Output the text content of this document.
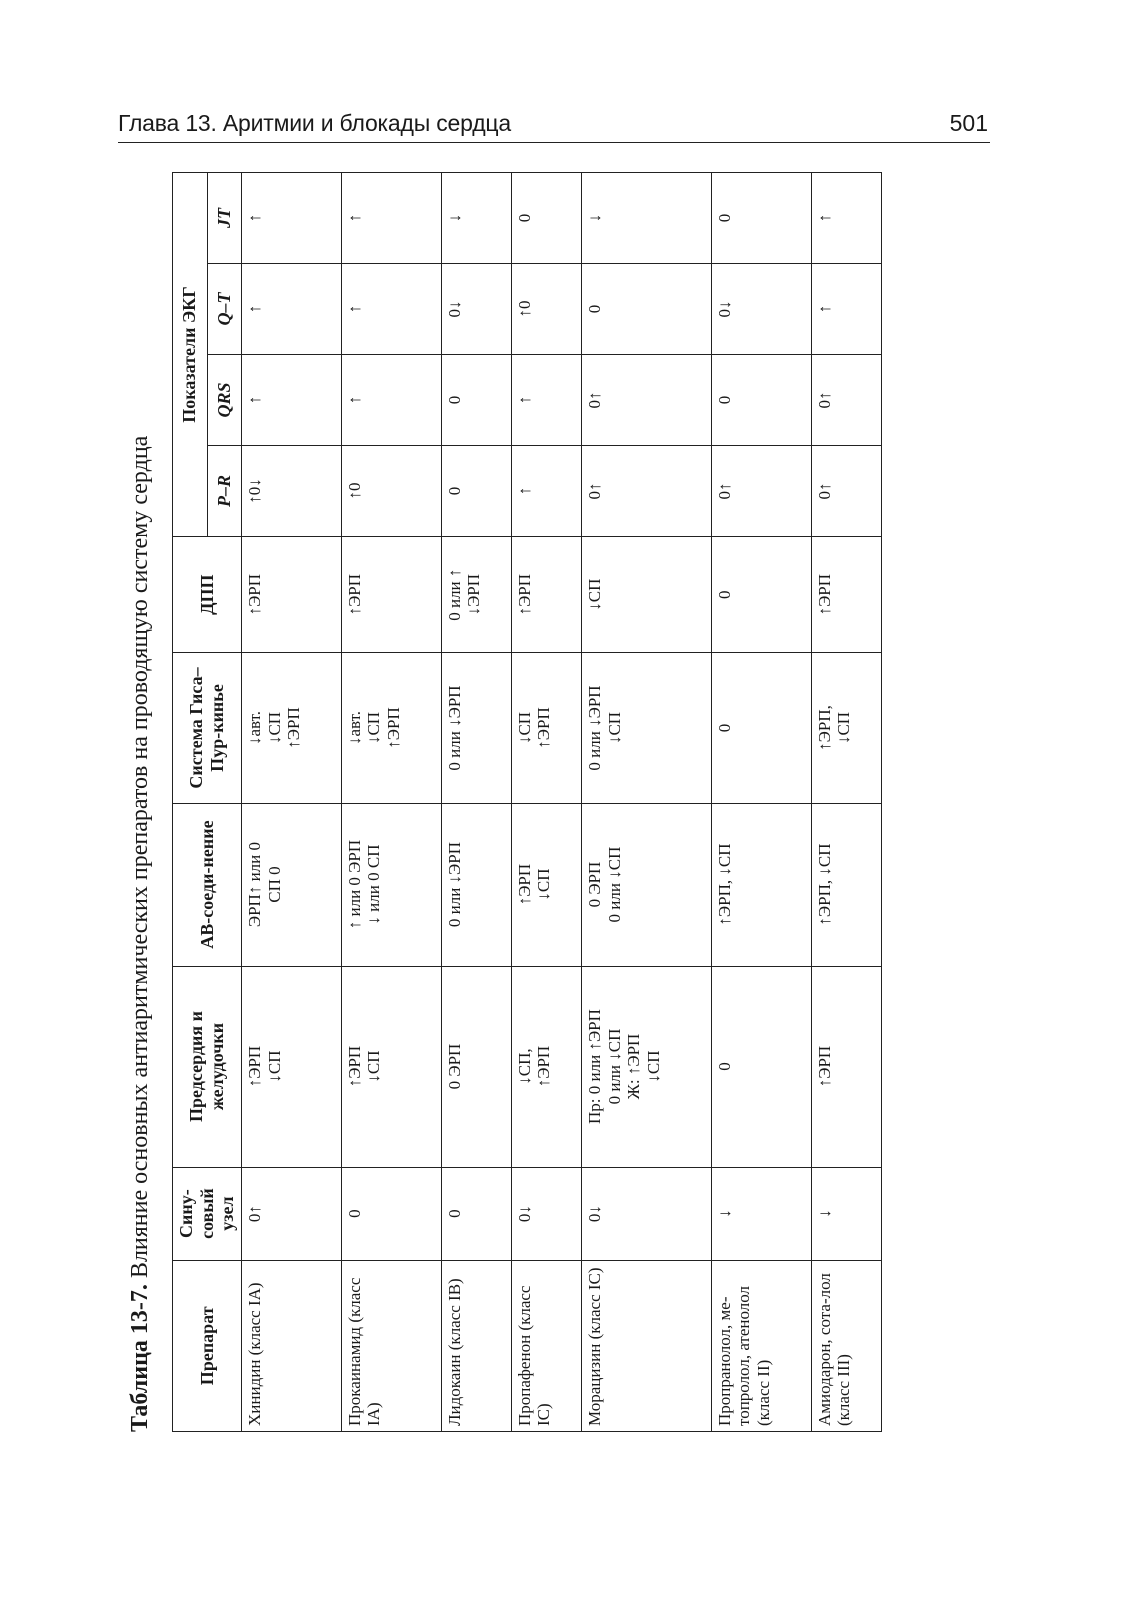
Глава 13. Аритмии и блокады сердца	501
Таблица 13-7. Влияние основных антиаритмических препаратов на проводящую систему сердца
Препарат	Сину-совый узел	Предсердия и желудочки	АВ-соеди-нение	Система Гиса–Пур-кинье	ДПП	Показатели ЭКГ			
						P–R	QRS	Q–T	JT
Хинидин (класс IA)	0↑	↑ЭРП ↓СП	ЭРП↑ или 0 СП 0	↓авт. ↓СП ↑ЭРП	↑ЭРП	↑0↓	↑	↑	↑
Прокаинамид (класс IA)	0	↑ЭРП ↓СП	↑ или 0 ЭРП ↓ или 0 СП	↓авт. ↓СП ↑ЭРП	↑ЭРП	↑0	↑	↑	↑
Лидокаин (класс IB)	0	0 ЭРП	0 или ↓ЭРП	0 или ↓ЭРП	0 или ↑ ↓ЭРП	0	0	0↓	↓
Пропафенон (класс IC)	0↓	↓СП, ↑ЭРП	↑ЭРП ↓СП	↓СП ↑ЭРП	↑ЭРП	↑	↑	↑0	0
Морацизин (класс IC)	0↓	Пр: 0 или ↑ЭРП 0 или ↓СП Ж: ↑ЭРП ↓СП	0 ЭРП 0 или ↓СП	0 или ↓ЭРП ↓СП	↓СП	0↑	0↑	0	↓
Пропранолол, ме-топролол, атенолол (класс II)	↓	0	↑ЭРП, ↓СП	0	0	0↑	0	0↓	0
Амиодарон, сота-лол (класс III)	↓	↑ЭРП	↑ЭРП, ↓СП	↑ЭРП, ↓СП	↑ЭРП	0↑	0↑	↑	↑
